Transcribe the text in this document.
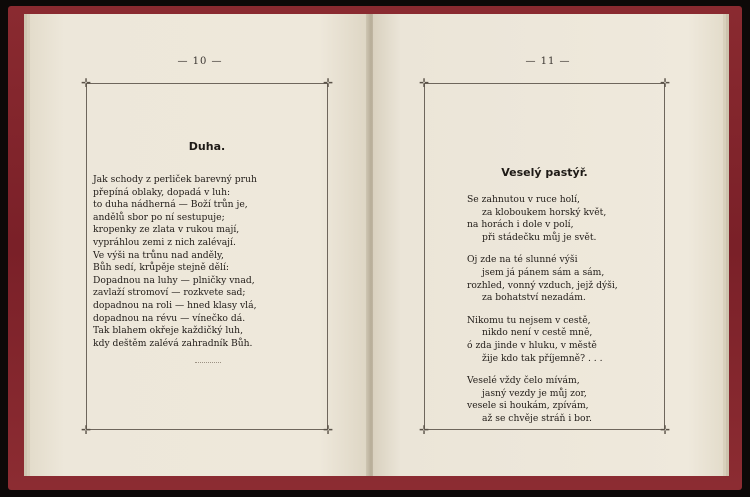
— 10 —
✛	✛
✛	✛
Duha.
Jak schody z perliček barevný pruh
přepíná oblaky, dopadá v luh:
to duha nádherná — Boží trůn je,
andělů sbor po ní sestupuje;
kropenky ze zlata v rukou mají,
vypráhlou zemi z nich zalévají.
Ve výši na trůnu nad anděly,
Bůh sedí, krůpěje stejně dělí:
Dopadnou na luhy — plničky vnad,
zavlaží stromoví — rozkvete sad;
dopadnou na roli — hned klasy vlá,
dopadnou na révu — vínečko dá.
Tak blahem okřeje každičký luh,
kdy deštěm zalévá zahradník Bůh.
— 11 —
✛	✛
✛	✛
Veselý pastýř.
Se zahnutou v ruce holí,
za kloboukem horský květ,
na horách i dole v polí,
při stádečku můj je svět.
Oj zde na té slunné výši
jsem já pánem sám a sám,
rozhled, vonný vzduch, jejž dýši,
za bohatství nezadám.
Nikomu tu nejsem v cestě,
nikdo není v cestě mně,
ó zda jinde v hluku, v městě
žije kdo tak příjemně? . . .
Veselé vždy čelo mívám,
jasný vezdy je můj zor,
vesele si houkám, zpívám,
až se chvěje stráň i bor.
